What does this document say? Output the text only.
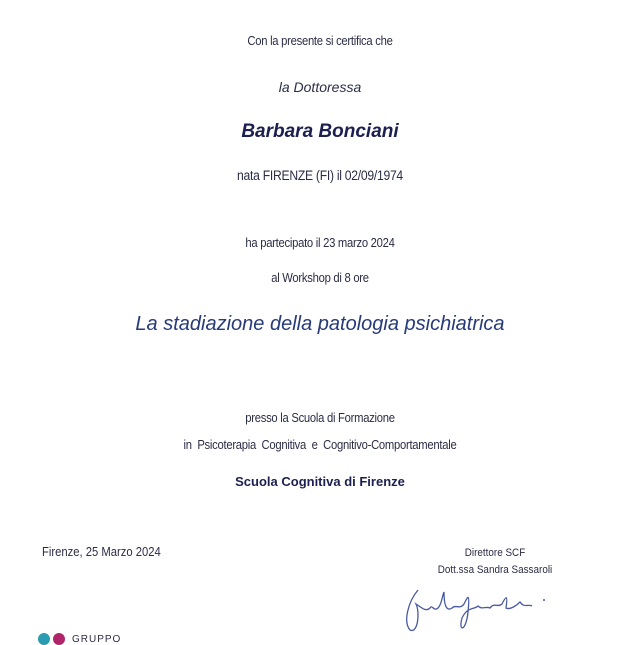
Con la presente si certifica che
la Dottoressa
Barbara Bonciani
nata FIRENZE (FI) il 02/09/1974
ha partecipato il 23 marzo 2024
al Workshop di 8 ore
La stadiazione della patologia psichiatrica
presso la Scuola di Formazione
in Psicoterapia Cognitiva e Cognitivo-Comportamentale
Scuola Cognitiva di Firenze
Firenze, 25 Marzo 2024	Direttore SCF
Dott.ssa Sandra Sassaroli
GRUPPO
